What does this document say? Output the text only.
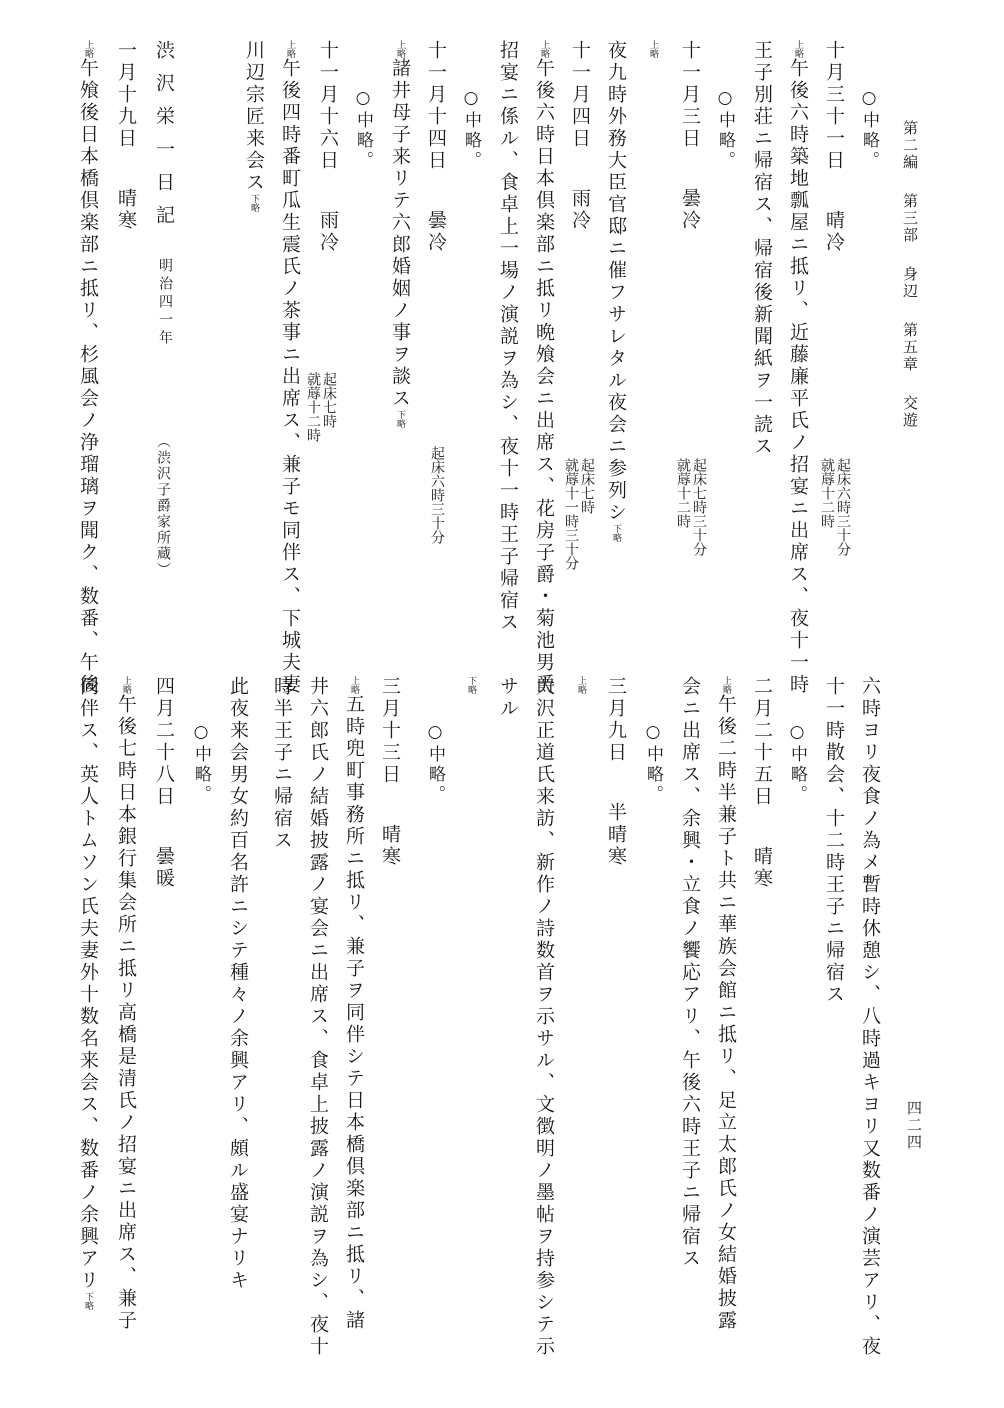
第二編第三部身辺第五章交遊
四二四
○中略。
十月三十一日晴冷
起床六時三十分
就蓐十二時
上略午後六時築地瓢屋ニ抵リ、近藤廉平氏ノ招宴ニ出席ス、夜十一時
王子別荘ニ帰宿ス、帰宿後新聞紙ヲ一読ス
○中略。
十一月三日曇冷
起床七時三十分
就蓐十二時
上略
夜九時外務大臣官邸ニ催フサレタル夜会ニ参列シ下略
十一月四日雨冷
起床七時
就蓐十一時三十分
上略午後六時日本倶楽部ニ抵リ晩飧会ニ出席ス、花房子爵・菊池男爵
招宴ニ係ル、食卓上一場ノ演説ヲ為シ、夜十一時王子帰宿ス
○中略。
十一月十四日曇冷
起床六時三十分
上略諸井母子来リテ六郎婚姻ノ事ヲ談ス下略
○中略。
十一月十六日雨冷
起床七時
就蓐十二時
上略午後四時番町瓜生震氏ノ茶事ニ出席ス、兼子モ同伴ス、下城夫妻
川辺宗匠来会ス下略
渋沢栄一日記
明治四一年
（渋沢子爵家所蔵）
一月十九日晴寒
上略午飧後日本橋倶楽部ニ抵リ、杉風会ノ浄瑠璃ヲ聞ク、数番、午後
六時ヨリ夜食ノ為メ暫時休憩シ、八時過キヨリ又数番ノ演芸アリ、夜
十一時散会、十二時王子ニ帰宿ス
○中略。
二月二十五日晴寒
上略午後二時半兼子ト共ニ華族会館ニ抵リ、足立太郎氏ノ女結婚披露
会ニ出席ス、余興・立食ノ饗応アリ、午後六時王子ニ帰宿ス
○中略。
三月九日半晴寒
上略
大沢正道氏来訪、新作ノ詩数首ヲ示サル、文徴明ノ墨帖ヲ持参シテ示
サル
下略
○中略。
三月十三日晴寒
上略五時兜町事務所ニ抵リ、兼子ヲ同伴シテ日本橋倶楽部ニ抵リ、諸
井六郎氏ノ結婚披露ノ宴会ニ出席ス、食卓上披露ノ演説ヲ為シ、夜十
時半王子ニ帰宿ス
此夜来会男女約百名許ニシテ種々ノ余興アリ、頗ル盛宴ナリキ
○中略。
四月二十八日曇暖
上略午後七時日本銀行集会所ニ抵リ高橋是清氏ノ招宴ニ出席ス、兼子
同伴ス、英人トムソン氏夫妻外十数名来会ス、数番ノ余興アリ下略
